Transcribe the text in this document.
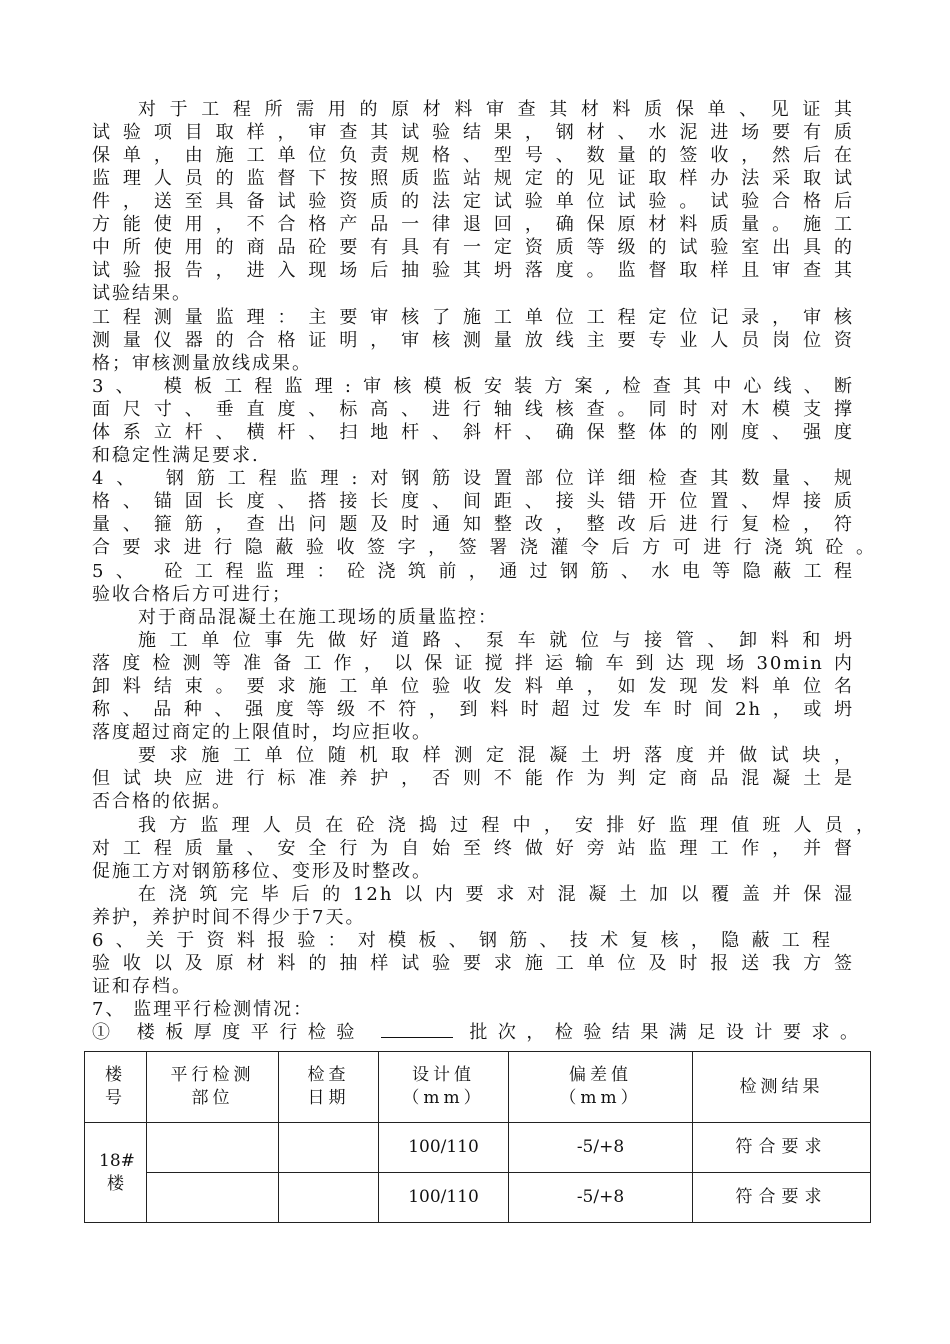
对于工程所需用的原材料审查其材料质保单、见证其
试验项目取样，审查其试验结果，钢材、水泥进场要有质
保单，由施工单位负责规格、型号、数量的签收，然后在
监理人员的监督下按照质监站规定的见证取样办法采取试
件，送至具备试验资质的法定试验单位试验。试验合格后
方能使用，不合格产品一律退回，确保原材料质量。施工
中所使用的商品砼要有具有一定资质等级的试验室出具的
试验报告，进入现场后抽验其坍落度。监督取样且审查其
试验结果。
工程测量监理：主要审核了施工单位工程定位记录，审核
测量仪器的合格证明，审核测量放线主要专业人员岗位资
格；审核测量放线成果。
3、 模板工程监理:审核模板安装方案,检查其中心线、断
面尺寸、垂直度、标高、进行轴线核查。同时对木模支撑
体系立杆、横杆、扫地杆、斜杆、确保整体的刚度、强度
和稳定性满足要求.
4、 钢筋工程监理:对钢筋设置部位详细检查其数量、规
格、锚固长度、搭接长度、间距、接头错开位置、焊接质
量、箍筋，查出问题及时通知整改，整改后进行复检，符
合要求进行隐蔽验收签字，签署浇灌令后方可进行浇筑砼。
5、 砼工程监理：砼浇筑前，通过钢筋、水电等隐蔽工程
验收合格后方可进行；
对于商品混凝土在施工现场的质量监控：
施工单位事先做好道路、泵车就位与接管、卸料和坍
落度检测等准备工作，以保证搅拌运输车到达现场30min内
卸料结束。要求施工单位验收发料单，如发现发料单位名
称、品种、强度等级不符，到料时超过发车时间2h，或坍
落度超过商定的上限值时，均应拒收。
要求施工单位随机取样测定混凝土坍落度并做试块，
但试块应进行标准养护，否则不能作为判定商品混凝土是
否合格的依据。
我方监理人员在砼浇捣过程中，安排好监理值班人员，
对工程质量、安全行为自始至终做好旁站监理工作，并督
促施工方对钢筋移位、变形及时整改。
在浇筑完毕后的12h以内要求对混凝土加以覆盖并保湿
养护，养护时间不得少于7天。
6、关于资料报验：对模板、钢筋、技术复核，隐蔽工程
验收以及原材料的抽样试验要求施工单位及时报送我方签
证和存档。
7、 监理平行检测情况：
① 楼板厚度平行检验	批次，检验结果满足设计要求。
楼号	平行检测部位	检查日期	设计值（mm）	偏差值（mm）	检测结果
18#楼			100/110	-5/+8	符合要求
			100/110	-5/+8	符合要求
